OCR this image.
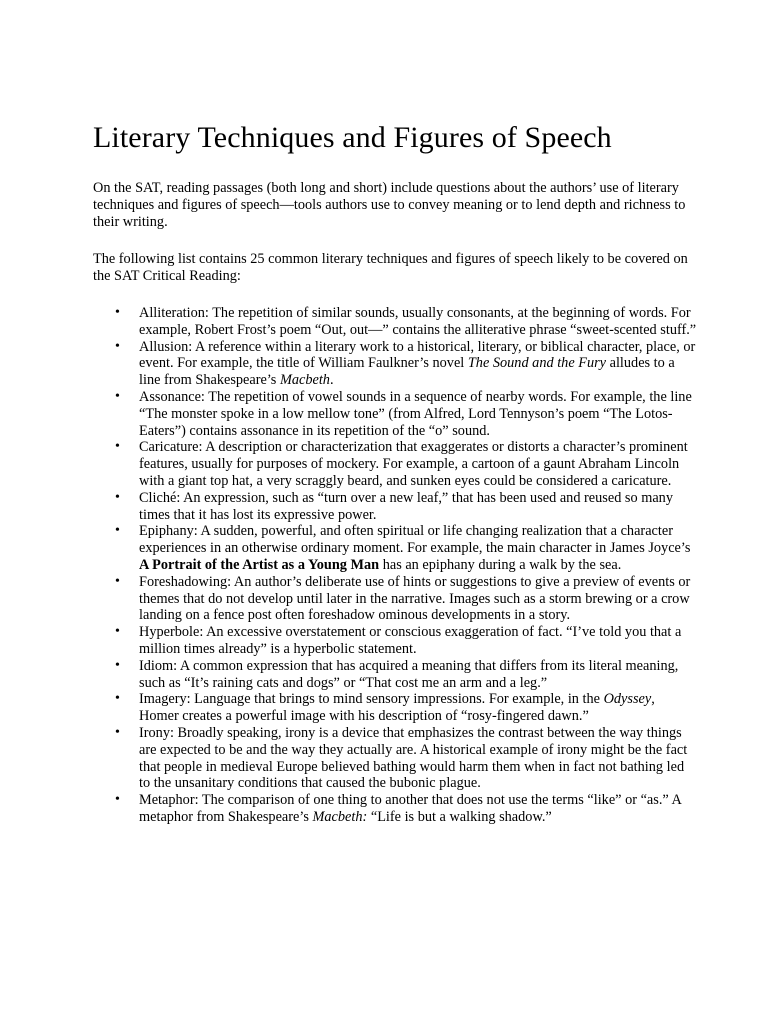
Literary Techniques and Figures of Speech

On the SAT, reading passages (both long and short) include questions about the authors’ use of literary techniques and figures of speech—tools authors use to convey meaning or to lend depth and richness to their writing.

The following list contains 25 common literary techniques and figures of speech likely to be covered on the SAT Critical Reading:

• Alliteration: The repetition of similar sounds, usually consonants, at the beginning of words. For example, Robert Frost’s poem “Out, out—” contains the alliterative phrase “sweet-scented stuff.”
• Allusion: A reference within a literary work to a historical, literary, or biblical character, place, or event. For example, the title of William Faulkner’s novel The Sound and the Fury alludes to a line from Shakespeare’s Macbeth.
• Assonance: The repetition of vowel sounds in a sequence of nearby words. For example, the line “The monster spoke in a low mellow tone” (from Alfred, Lord Tennyson’s poem “The Lotos-Eaters”) contains assonance in its repetition of the “o” sound.
• Caricature: A description or characterization that exaggerates or distorts a character’s prominent features, usually for purposes of mockery. For example, a cartoon of a gaunt Abraham Lincoln with a giant top hat, a very scraggly beard, and sunken eyes could be considered a caricature.
• Cliché: An expression, such as “turn over a new leaf,” that has been used and reused so many times that it has lost its expressive power.
• Epiphany: A sudden, powerful, and often spiritual or life changing realization that a character experiences in an otherwise ordinary moment. For example, the main character in James Joyce’s A Portrait of the Artist as a Young Man has an epiphany during a walk by the sea.
• Foreshadowing: An author’s deliberate use of hints or suggestions to give a preview of events or themes that do not develop until later in the narrative. Images such as a storm brewing or a crow landing on a fence post often foreshadow ominous developments in a story.
• Hyperbole: An excessive overstatement or conscious exaggeration of fact. “I’ve told you that a million times already” is a hyperbolic statement.
• Idiom: A common expression that has acquired a meaning that differs from its literal meaning, such as “It’s raining cats and dogs” or “That cost me an arm and a leg.”
• Imagery: Language that brings to mind sensory impressions. For example, in the Odyssey, Homer creates a powerful image with his description of “rosy-fingered dawn.”
• Irony: Broadly speaking, irony is a device that emphasizes the contrast between the way things are expected to be and the way they actually are. A historical example of irony might be the fact that people in medieval Europe believed bathing would harm them when in fact not bathing led to the unsanitary conditions that caused the bubonic plague.
• Metaphor: The comparison of one thing to another that does not use the terms “like” or “as.” A metaphor from Shakespeare’s Macbeth: “Life is but a walking shadow.”
